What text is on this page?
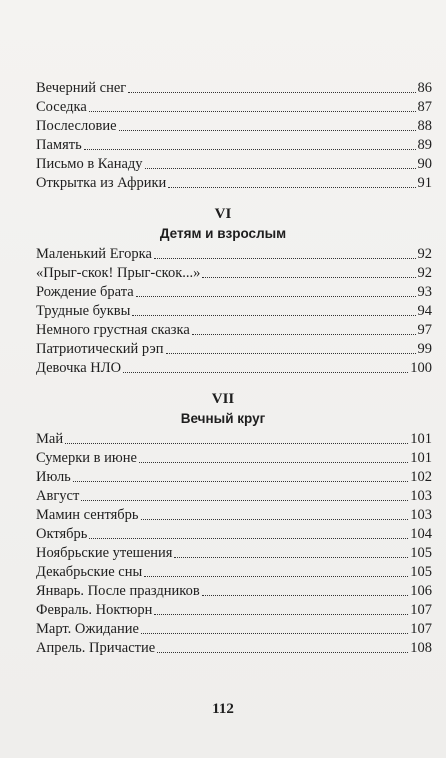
Вечерний снег	86
Соседка	87
Послесловие	88
Память	89
Письмо в Канаду	90
Открытка из Африки	91
VI
Детям и взрослым
Маленький Егорка	92
«Прыг-скок! Прыг-скок...»	92
Рождение брата	93
Трудные буквы	94
Немного грустная сказка	97
Патриотический рэп	99
Девочка НЛО	100
VII
Вечный круг
Май	101
Сумерки в июне	101
Июль	102
Август	103
Мамин сентябрь	103
Октябрь	104
Ноябрьские утешения	105
Декабрьские сны	105
Январь. После праздников	106
Февраль. Ноктюрн	107
Март. Ожидание	107
Апрель. Причастие	108
112
